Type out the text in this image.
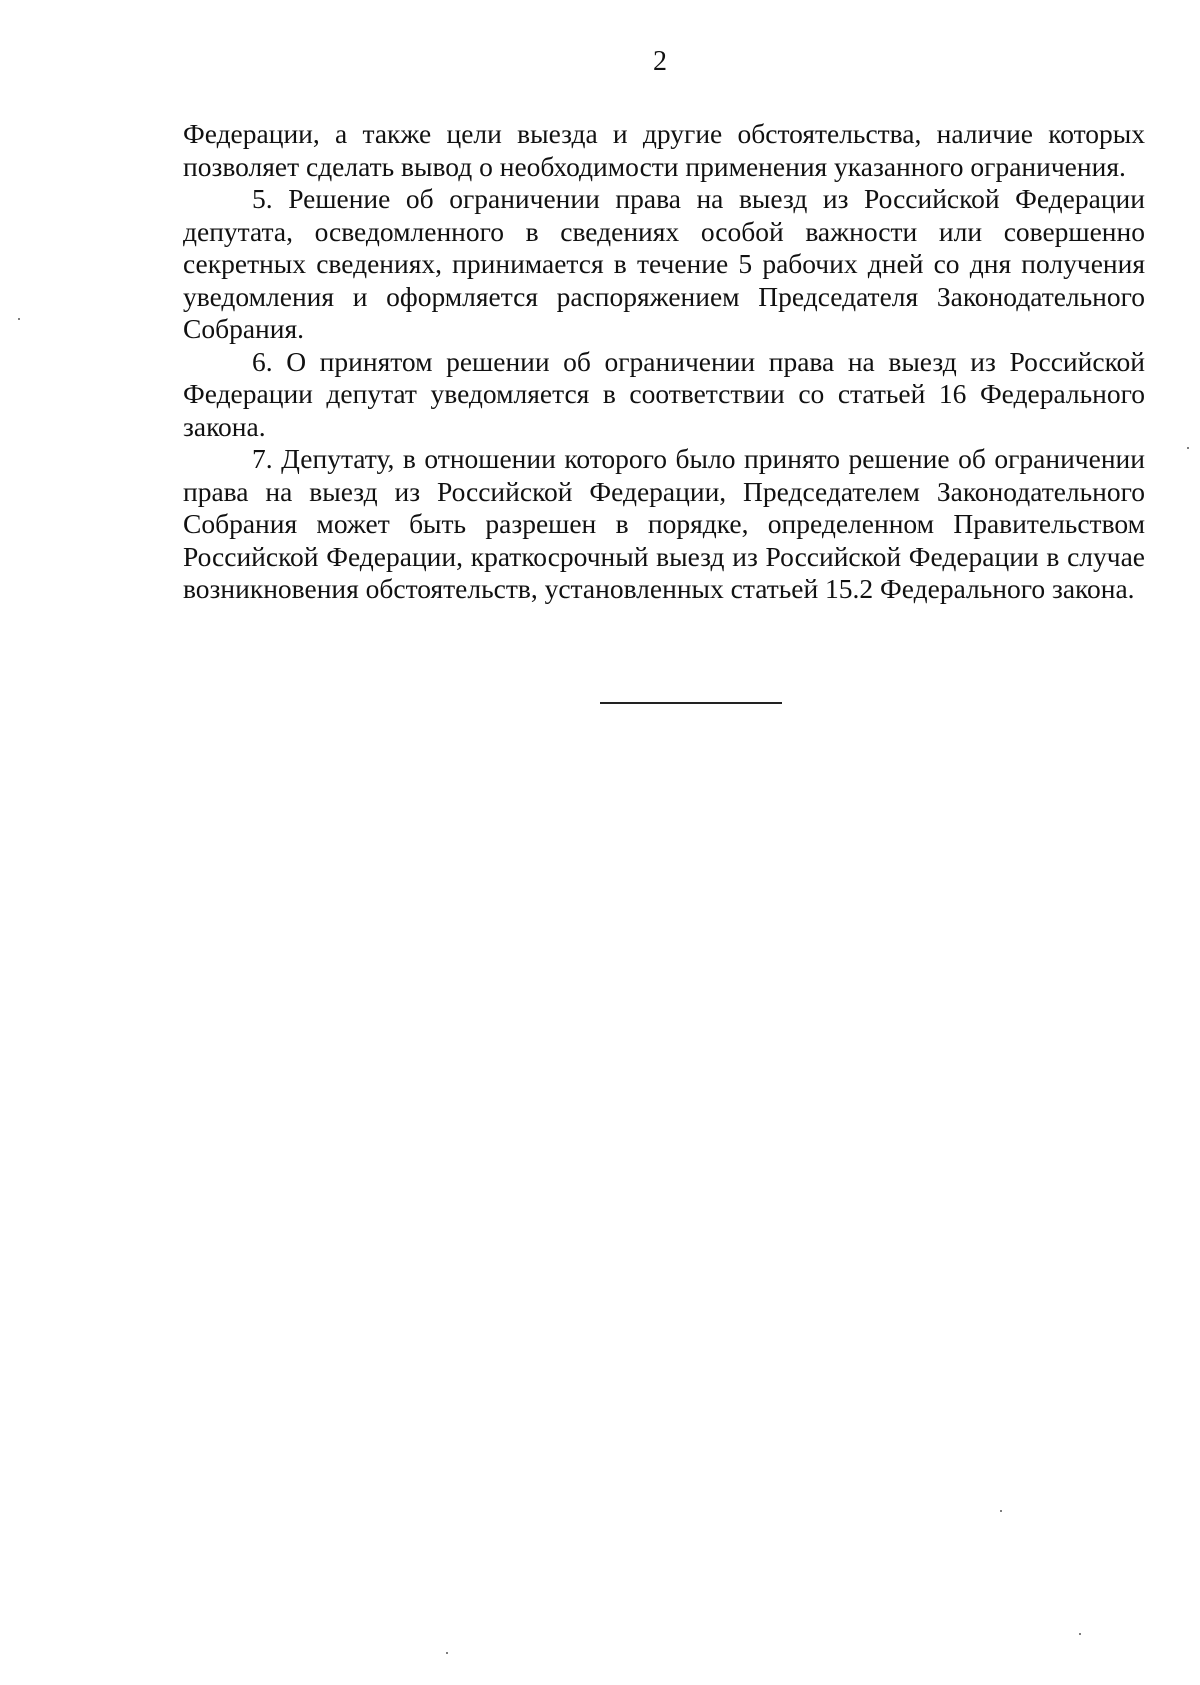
2

Федерации, а также цели выезда и другие обстоятельства, наличие которых позволяет сделать вывод о необходимости применения указанного ограничения.

5. Решение об ограничении права на выезд из Российской Федерации депутата, осведомленного в сведениях особой важности или совершенно секретных сведениях, принимается в течение 5 рабочих дней со дня получения уведомления и оформляется распоряжением Председателя Законодательного Собрания.

6. О принятом решении об ограничении права на выезд из Российской Федерации депутат уведомляется в соответствии со статьей 16 Федерального закона.

7. Депутату, в отношении которого было принято решение об ограничении права на выезд из Российской Федерации, Председателем Законодательного Собрания может быть разрешен в порядке, определенном Правительством Российской Федерации, краткосрочный выезд из Российской Федерации в случае возникновения обстоятельств, установленных статьей 15.2 Федерального закона.
